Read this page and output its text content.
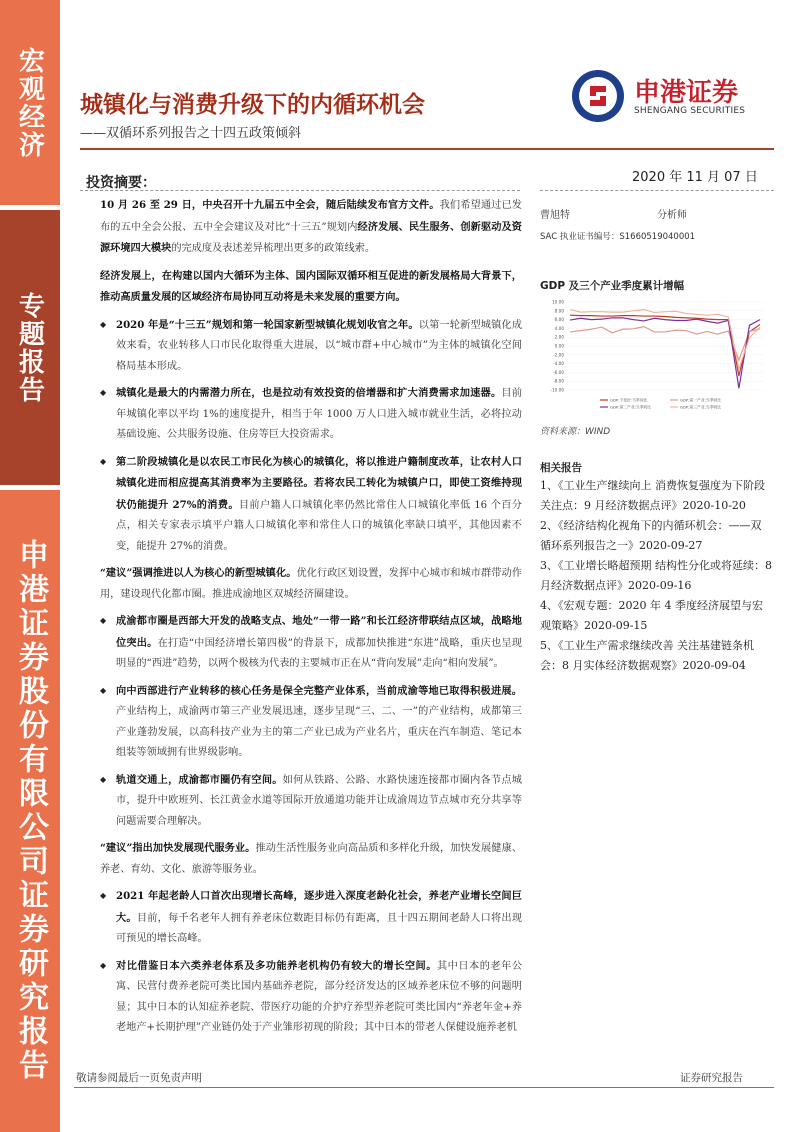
宏观经济
专题报告
申港证券股份有限公司证券研究报告
城镇化与消费升级下的内循环机会
——双循环系列报告之十四五政策倾斜
申港证券
SHENGANG SECURITIES
投资摘要：	2020 年 11 月 07 日

10 月 26 至 29 日，中央召开十九届五中全会，随后陆续发布官方文件。我们希望通过已发布的五中全会公报、五中全会建议及对比“十三五”规划内经济发展、民生服务、创新驱动及资源环境四大模块的完成度及表述差异梳理出更多的政策线索。

经济发展上，在构建以国内大循环为主体、国内国际双循环相互促进的新发展格局大背景下，推动高质量发展的区域经济布局协同互动将是未来发展的重要方向。

◆ 2020 年是“十三五”规划和第一轮国家新型城镇化规划收官之年。以第一轮新型城镇化成效来看，农业转移人口市民化取得重大进展，以“城市群+中心城市”为主体的城镇化空间格局基本形成。

◆ 城镇化是最大的内需潜力所在，也是拉动有效投资的倍增器和扩大消费需求加速器。目前年城镇化率以平均 1%的速度提升，相当于年 1000 万人口进入城市就业生活，必将拉动基础设施、公共服务设施、住房等巨大投资需求。

◆ 第二阶段城镇化是以农民工市民化为核心的城镇化，将以推进户籍制度改革，让农村人口城镇化进而相应提高其消费率为主要路径。若将农民工转化为城镇户口，即使工资维持现状仍能提升 27%的消费。目前户籍人口城镇化率仍然比常住人口城镇化率低 16 个百分点，相关专家表示填平户籍人口城镇化率和常住人口的城镇化率缺口填平，其他因素不变，能提升 27%的消费。

“建议”强调推进以人为核心的新型城镇化。优化行政区划设置，发挥中心城市和城市群带动作用，建设现代化都市圈。推进成渝地区双城经济圈建设。

◆ 成渝都市圈是西部大开发的战略支点、地处“一带一路”和长江经济带联结点区域，战略地位突出。在打造“中国经济增长第四极”的背景下，成都加快推进“东进”战略，重庆也呈现明显的“西进”趋势，以两个极核为代表的主要城市正在从“背向发展”走向“相向发展”。

◆ 向中西部进行产业转移的核心任务是保全完整产业体系，当前成渝等地已取得积极进展。产业结构上，成渝两市第三产业发展迅速，逐步呈现“三、二、一”的产业结构，成都第三产业蓬勃发展，以高科技产业为主的第二产业已成为产业名片，重庆在汽车制造、笔记本组装等领域拥有世界级影响。

◆ 轨道交通上，成渝都市圈仍有空间。如何从铁路、公路、水路快速连接都市圈内各节点城市，提升中欧班列、长江黄金水道等国际开放通道功能并让成渝周边节点城市充分共享等问题需要合理解决。

“建议”指出加快发展现代服务业。推动生活性服务业向高品质和多样化升级，加快发展健康、养老、育幼、文化、旅游等服务业。

◆ 2021 年起老龄人口首次出现增长高峰，逐步进入深度老龄化社会，养老产业增长空间巨大。目前，每千名老年人拥有养老床位数距目标仍有距离，且十四五期间老龄人口将出现可预见的增长高峰。

◆ 对比借鉴日本六类养老体系及多功能养老机构仍有较大的增长空间。其中日本的老年公寓、民营付费养老院可类比国内基础养老院，部分经济发达的区域养老床位不够的问题明显；其中日本的认知症养老院、带医疗功能的介护疗养型养老院可类比国内“养老年金+养老地产+长期护理”产业链仍处于产业雏形初现的阶段；其中日本的带老人保健设施养老机

曹旭特	分析师
SAC 执业证书编号：S1660519040001
GDP 及三个产业季度累计增幅
10.00
8.00
6.00
4.00
2.00
0.00
-2.00
-4.00
-6.00
-8.00
-10.00
GDP:不变价:当季同比	GDP:第一产业:当季同比
GDP:第二产业:当季同比	GDP:第三产业:当季同比
资料来源：WIND
相关报告
1、《工业生产继续向上 消费恢复强度为下阶段关注点：9 月经济数据点评》2020-10-20
2、《经济结构化视角下的内循环机会：——双循环系列报告之一》2020-09-27
3、《工业增长略超预期 结构性分化或将延续：8 月经济数据点评》2020-09-16
4、《宏观专题：2020 年 4 季度经济展望与宏观策略》2020-09-15
5、《工业生产需求继续改善 关注基建链条机会：8 月实体经济数据观察》2020-09-04
敬请参阅最后一页免责声明	证券研究报告
